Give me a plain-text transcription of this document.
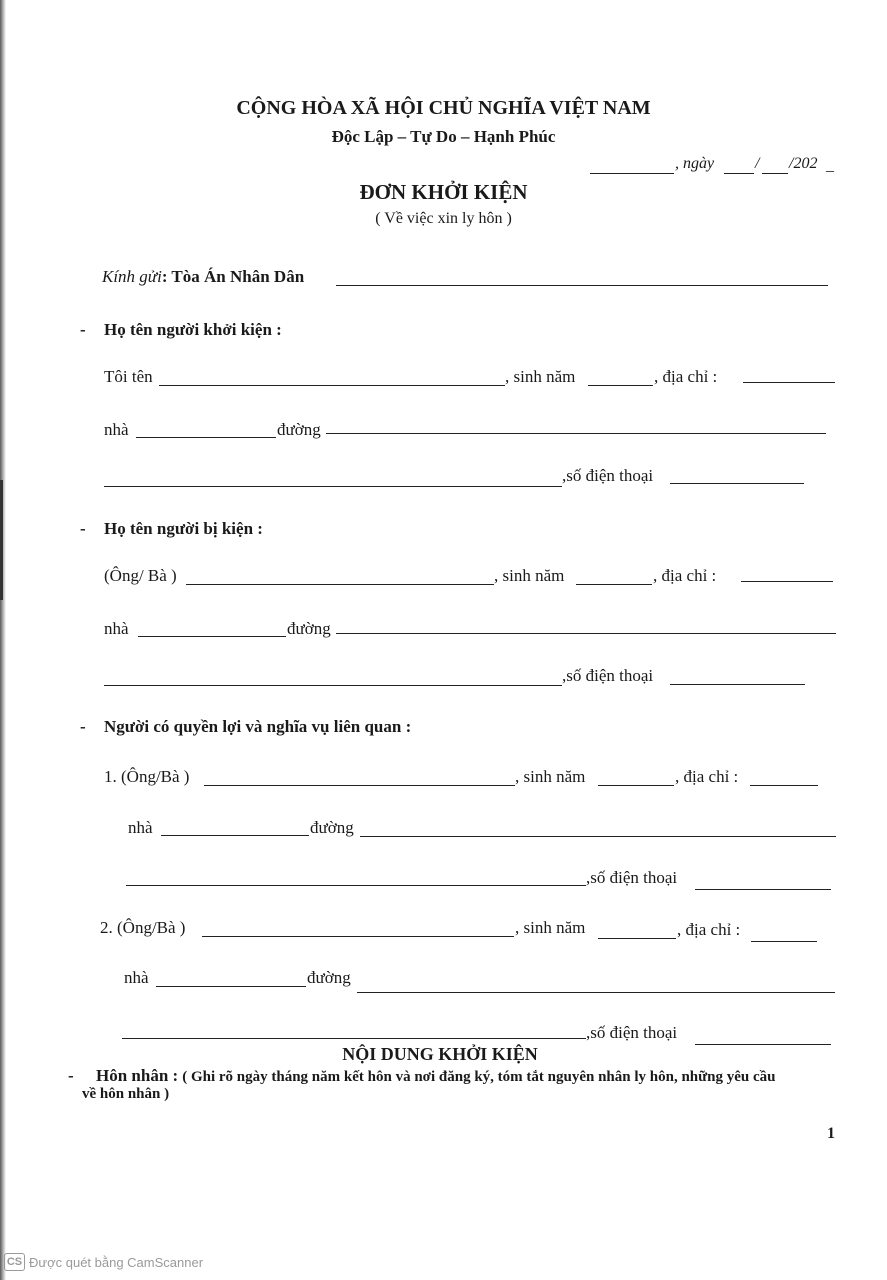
CỘNG HÒA XÃ HỘI CHỦ NGHĨA VIỆT NAM
Độc Lập – Tự Do – Hạnh Phúc
, ngày	/ /202 _
ĐƠN KHỞI KIỆN
( Về việc xin ly hôn )
Kính gửi: Tòa Án Nhân Dân
- Họ tên người khởi kiện :
Tôi tên	, sinh năm	, địa chỉ :
nhà	đường
,số điện thoại
- Họ tên người bị kiện :
(Ông/ Bà )	, sinh năm	, địa chỉ :
nhà	đường
,số điện thoại
- Người có quyền lợi và nghĩa vụ liên quan :
1. (Ông/Bà )	, sinh năm	, địa chỉ :
nhà	đường
,số điện thoại
2. (Ông/Bà )	, sinh năm	, địa chỉ :
nhà	đường
,số điện thoại
NỘI DUNG KHỞI KIỆN
- Hôn nhân : ( Ghi rõ ngày tháng năm kết hôn và nơi đăng ký, tóm tắt nguyên nhân ly hôn, những yêu cầu
về hôn nhân )
1
CS Được quét bằng CamScanner
